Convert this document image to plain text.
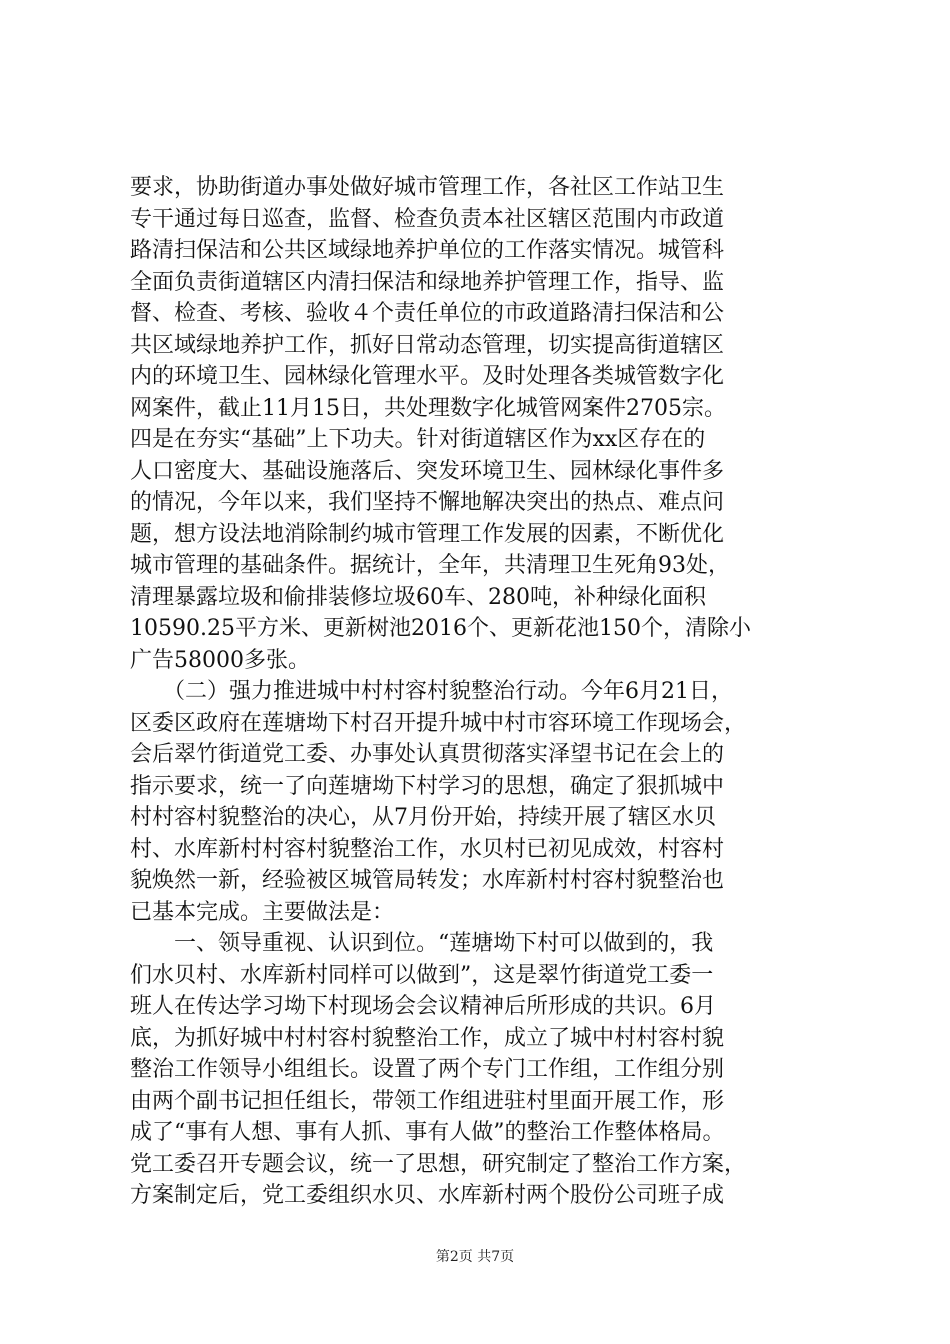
要求，协助街道办事处做好城市管理工作，各社区工作站卫生
专干通过每日巡查，监督、检查负责本社区辖区范围内市政道
路清扫保洁和公共区域绿地养护单位的工作落实情况。城管科
全面负责街道辖区内清扫保洁和绿地养护管理工作，指导、监
督、检查、考核、验收４个责任单位的市政道路清扫保洁和公
共区域绿地养护工作，抓好日常动态管理，切实提高街道辖区
内的环境卫生、园林绿化管理水平。及时处理各类城管数字化
网案件，截止11月15日，共处理数字化城管网案件2705宗。
四是在夯实“基础”上下功夫。针对街道辖区作为xx区存在的
人口密度大、基础设施落后、突发环境卫生、园林绿化事件多
的情况，今年以来，我们坚持不懈地解决突出的热点、难点问
题，想方设法地消除制约城市管理工作发展的因素，不断优化
城市管理的基础条件。据统计，全年，共清理卫生死角93处，
清理暴露垃圾和偷排装修垃圾60车、280吨，补种绿化面积
10590.25平方米、更新树池2016个、更新花池150个，清除小
广告58000多张。
　　（二）强力推进城中村村容村貌整治行动。今年6月21日，
区委区政府在莲塘坳下村召开提升城中村市容环境工作现场会，
会后翠竹街道党工委、办事处认真贯彻落实泽望书记在会上的
指示要求，统一了向莲塘坳下村学习的思想，确定了狠抓城中
村村容村貌整治的决心，从7月份开始，持续开展了辖区水贝
村、水库新村村容村貌整治工作，水贝村已初见成效，村容村
貌焕然一新，经验被区城管局转发；水库新村村容村貌整治也
已基本完成。主要做法是：
　　一、领导重视、认识到位。“莲塘坳下村可以做到的，我
们水贝村、水库新村同样可以做到”，这是翠竹街道党工委一
班人在传达学习坳下村现场会会议精神后所形成的共识。6月
底，为抓好城中村村容村貌整治工作，成立了城中村村容村貌
整治工作领导小组组长。设置了两个专门工作组，工作组分别
由两个副书记担任组长，带领工作组进驻村里面开展工作，形
成了“事有人想、事有人抓、事有人做”的整治工作整体格局。
党工委召开专题会议，统一了思想，研究制定了整治工作方案，
方案制定后，党工委组织水贝、水库新村两个股份公司班子成
第2页 共7页
